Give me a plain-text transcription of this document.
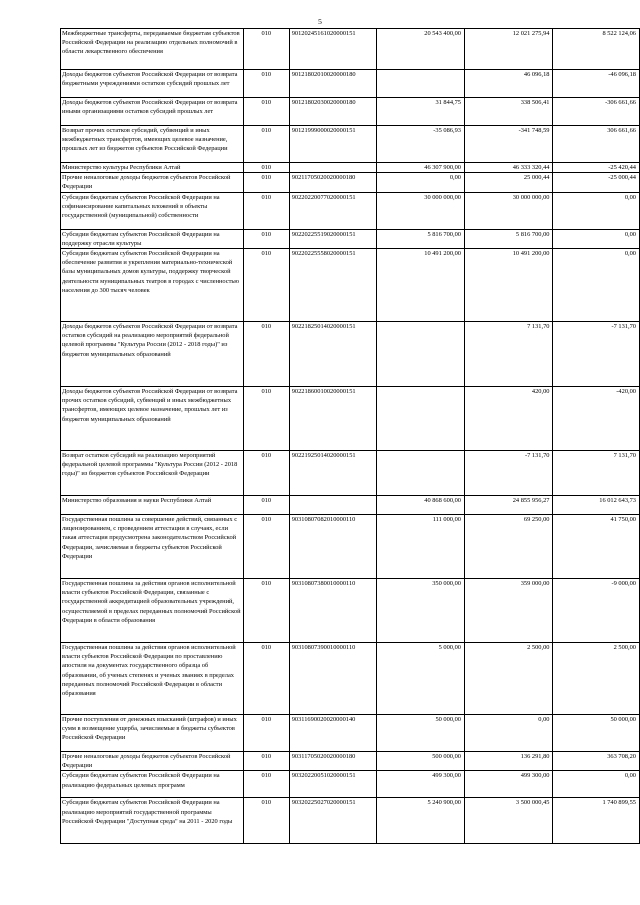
5
Межбюджетные трансферты, передаваемые бюджетам субъектов Российской Федерации на реализацию отдельных полномочий в области лекарственного обеспечения	010	90120245161020000151	20 543 400,00	12 021 275,94	8 522 124,06
Доходы бюджетов субъектов Российской Федерации от возврата бюджетными учреждениями остатков субсидий прошлых лет	010	90121802010020000180		46 096,18	-46 096,18
Доходы бюджетов субъектов Российской Федерации от возврата иными организациями остатков субсидий прошлых лет	010	90121802030020000180	31 844,75	338 506,41	-306 661,66
Возврат прочих остатков субсидий, субвенций и иных межбюджетных трансфертов, имеющих целевое назначение, прошлых лет из бюджетов субъектов Российской Федерации	010	90121999000020000151	-35 086,93	-341 748,59	306 661,66
Министерство культуры Республики Алтай	010		46 307 900,00	46 333 320,44	-25 420,44
Прочие неналоговые доходы бюджетов субъектов Российской Федерации	010	90211705020020000180	0,00	25 000,44	-25 000,44
Субсидии бюджетам субъектов Российской Федерации на софинансирование капитальных вложений в объекты государственной (муниципальной) собственности	010	90220220077020000151	30 000 000,00	30 000 000,00	0,00
Субсидии бюджетам субъектов Российской Федерации на поддержку отрасли культуры	010	90220225519020000151	5 816 700,00	5 816 700,00	0,00
Субсидии бюджетам субъектов Российской Федерации на обеспечение развития и укрепления материально-технической базы муниципальных домов культуры, поддержку творческой деятельности муниципальных театров в городах с численностью населения до 300 тысяч человек	010	90220225558020000151	10 491 200,00	10 491 200,00	0,00
Доходы бюджетов субъектов Российской Федерации от возврата остатков субсидий на реализацию мероприятий федеральной целевой программы "Культура России (2012 - 2018 годы)" из бюджетов муниципальных образований	010	90221825014020000151		7 131,70	-7 131,70
Доходы бюджетов субъектов Российской Федерации от возврата прочих остатков субсидий, субвенций и иных межбюджетных трансфертов, имеющих целевое назначение, прошлых лет из бюджетов муниципальных образований	010	90221860010020000151		420,00	-420,00
Возврат остатков субсидий на реализацию мероприятий федеральной целевой программы "Культура России (2012 - 2018 годы)" из бюджетов субъектов Российской Федерации	010	90221925014020000151		-7 131,70	7 131,70
Министерство образования и науки Республики Алтай	010		40 868 600,00	24 855 956,27	16 012 643,73
Государственная пошлина за совершение действий, связанных с лицензированием, с проведением аттестации в случаях, если такая аттестация предусмотрена законодательством Российской Федерации, зачисляемая в бюджеты субъектов Российской Федерации	010	90310807082010000110	111 000,00	69 250,00	41 750,00
Государственная пошлина за действия органов исполнительной власти субъектов Российской Федерации, связанные с государственной аккредитацией образовательных учреждений, осуществляемой в пределах переданных полномочий Российской Федерации в области образования	010	90310807380010000110	350 000,00	359 000,00	-9 000,00
Государственная пошлина за действия органов исполнительной власти субъектов Российской Федерации по проставлению апостиля на документах государственного образца об образовании, об ученых степенях и ученых званиях в пределах переданных полномочий Российской Федерации в области образования	010	90310807390010000110	5 000,00	2 500,00	2 500,00
Прочие поступления от денежных взысканий (штрафов) и иных сумм в возмещение ущерба, зачисляемые в бюджеты субъектов Российской Федерации	010	90311690020020000140	50 000,00	0,00	50 000,00
Прочие неналоговые доходы бюджетов субъектов Российской Федерации	010	90311705020020000180	500 000,00	136 291,80	363 708,20
Субсидии бюджетам субъектов Российской Федерации на реализацию федеральных целевых программ	010	90320220051020000151	499 300,00	499 300,00	0,00
Субсидии бюджетам субъектов Российской Федерации на реализацию мероприятий государственной программы Российской Федерации "Доступная среда" на 2011 - 2020 годы	010	90320225027020000151	5 240 900,00	3 500 000,45	1 740 899,55
